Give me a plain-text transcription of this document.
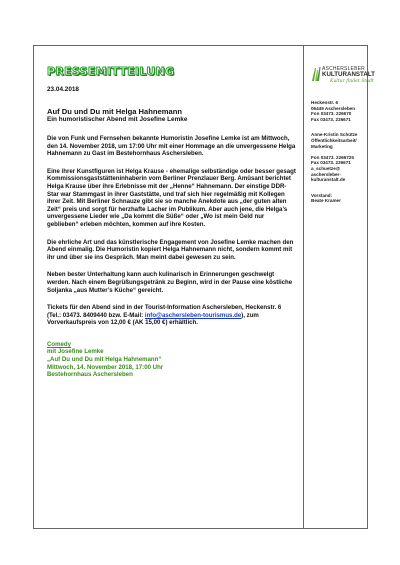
PRESSEMITTEILUNG
23.04.2018
Auf Du und Du mit Helga Hahnemann
Ein humoristischer Abend mit Josefine Lemke
Die von Funk und Fernsehen bekannte Humoristin Josefine Lemke ist am Mittwoch, den 14. November 2018, um 17:00 Uhr mit einer Hommage an die unvergessene Helga Hahnemann zu Gast im Bestehornhaus Aschersleben.
Eine ihrer Kunstfiguren ist Helga Krause - ehemalige selbständige oder besser gesagt Kommissionsgaststätteninhaberin vom Berliner Prenzlauer Berg. Amüsant berichtet Helga Krause über ihre Erlebnisse mit der „Henne“ Hahnemann. Der einstige DDR-Star war Stammgast in ihrer Gaststätte, und traf sich hier regelmäßig mit Kollegen ihrer Zeit. Mit Berliner Schnauze gibt sie so manche Anekdote aus „der guten alten Zeit“ preis und sorgt für herzhafte Lacher im Publikum. Aber auch jene, die Helga’s unvergessene Lieder wie „Da kommt die Süße“ oder „Wo ist mein Geld nur geblieben“ erleben möchten, kommen auf ihre Kosten.
Die ehrliche Art und das künstlerische Engagement von Josefine Lemke machen den Abend einmalig. Die Humoristin kopiert Helga Hahnemann nicht, sondern kommt mit ihr und über sie ins Gespräch. Man meint dabei gewesen zu sein.
Neben bester Unterhaltung kann auch kulinarisch in Erinnerungen geschwelgt werden. Nach einem Begrüßungsgetränk zu Beginn, wird in der Pause eine köstliche Soljanka „aus Mutter’s Küche“ gereicht.
Tickets für den Abend sind in der Tourist-Information Aschersleben, Heckenstr. 6 (Tel.: 03473. 8409440 bzw. E-Mail: info@aschersleben-tourismus.de), zum Vorverkaufspreis von 12,00 € (AK 15,00 €) erhältlich.
Comedy
mit Josefine Lemke
„Auf Du und Du mit Helga Hahnemann“
Mittwoch, 14. November 2018, 17:00 Uhr
Bestehornhaus Aschersleben
ASCHERSLEBER
KULTURANSTALT
Kultur findet Stadt
Heckenstr. 6
06449 Aschersleben
Fon 03473. 226670
Fax 03473. 226671
Anne-Kristin Schütze
Öffentlichkeitsarbeit/
Marketing
Fon 03473. 2266725
Fax 03473. 226671
a_schuetze@
aschersleber-
kulturanstalt.de
Vorstand:
Beate Kramer
